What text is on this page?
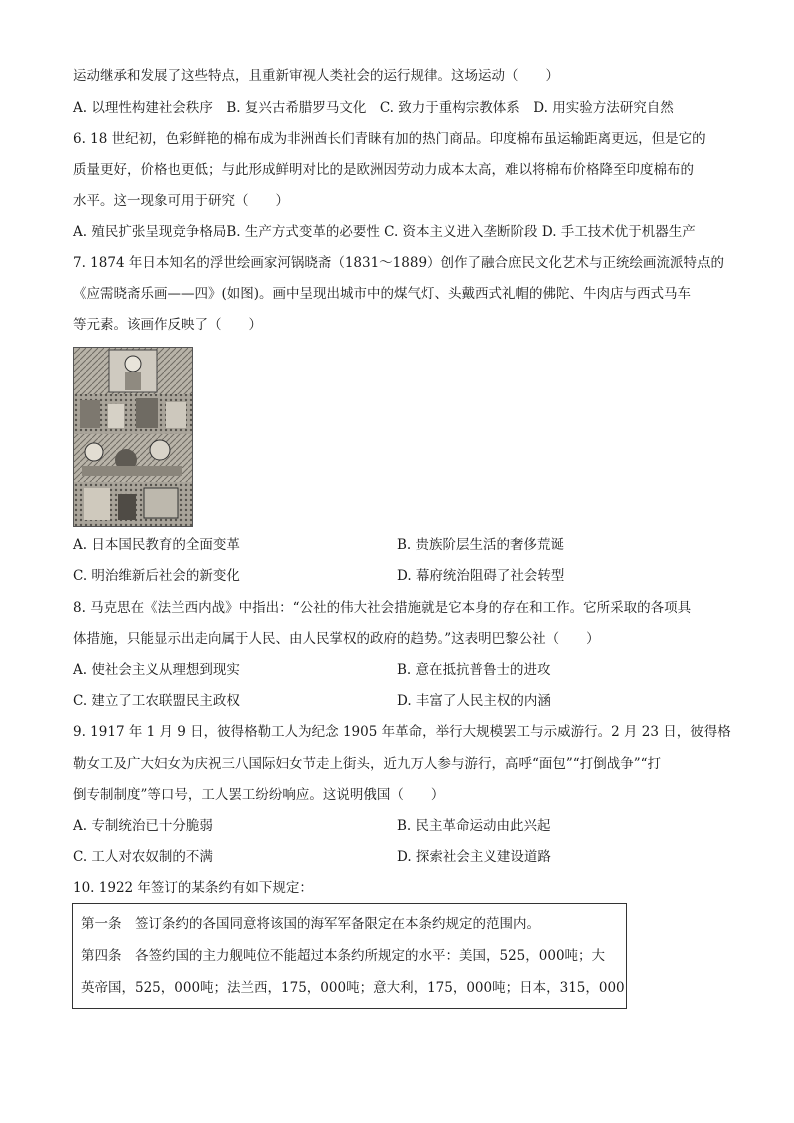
运动继承和发展了这些特点，且重新审视人类社会的运行规律。这场运动（　　）
A. 以理性构建社会秩序　B. 复兴古希腊罗马文化　C. 致力于重构宗教体系　D. 用实验方法研究自然
6. 18 世纪初，色彩鲜艳的棉布成为非洲酋长们青睐有加的热门商品。印度棉布虽运输距离更远，但是它的
质量更好，价格也更低；与此形成鲜明对比的是欧洲因劳动力成本太高，难以将棉布价格降至印度棉布的
水平。这一现象可用于研究（　　）
A. 殖民扩张呈现竞争格局B. 生产方式变革的必要性 C. 资本主义进入垄断阶段 D. 手工技术优于机器生产
7. 1874 年日本知名的浮世绘画家河锅晓斋（1831～1889）创作了融合庶民文化艺术与正统绘画流派特点的
《应需晓斋乐画——四》(如图)。画中呈现出城市中的煤气灯、头戴西式礼帽的佛陀、牛肉店与西式马车
等元素。该画作反映了（　　）
A. 日本国民教育的全面变革	B. 贵族阶层生活的奢侈荒诞
C. 明治维新后社会的新变化	D. 幕府统治阻碍了社会转型
8. 马克思在《法兰西内战》中指出：“公社的伟大社会措施就是它本身的存在和工作。它所采取的各项具
体措施，只能显示出走向属于人民、由人民掌权的政府的趋势。”这表明巴黎公社（　　）
A. 使社会主义从理想到现实	B. 意在抵抗普鲁士的进攻
C. 建立了工农联盟民主政权	D. 丰富了人民主权的内涵
9. 1917 年 1 月 9 日，彼得格勒工人为纪念 1905 年革命，举行大规模罢工与示威游行。2 月 23 日，彼得格
勒女工及广大妇女为庆祝三八国际妇女节走上街头，近九万人参与游行，高呼“面包”“打倒战争”“打
倒专制制度”等口号，工人罢工纷纷响应。这说明俄国（　　）
A. 专制统治已十分脆弱	B. 民主革命运动由此兴起
C. 工人对农奴制的不满	D. 探索社会主义建设道路
10. 1922 年签订的某条约有如下规定：
第一条　签订条约的各国同意将该国的海军军备限定在本条约规定的范围内。
第四条　各签约国的主力舰吨位不能超过本条约所规定的水平：美国，525，000吨；大
英帝国，525，000吨；法兰西，175，000吨；意大利，175，000吨；日本，315，000
